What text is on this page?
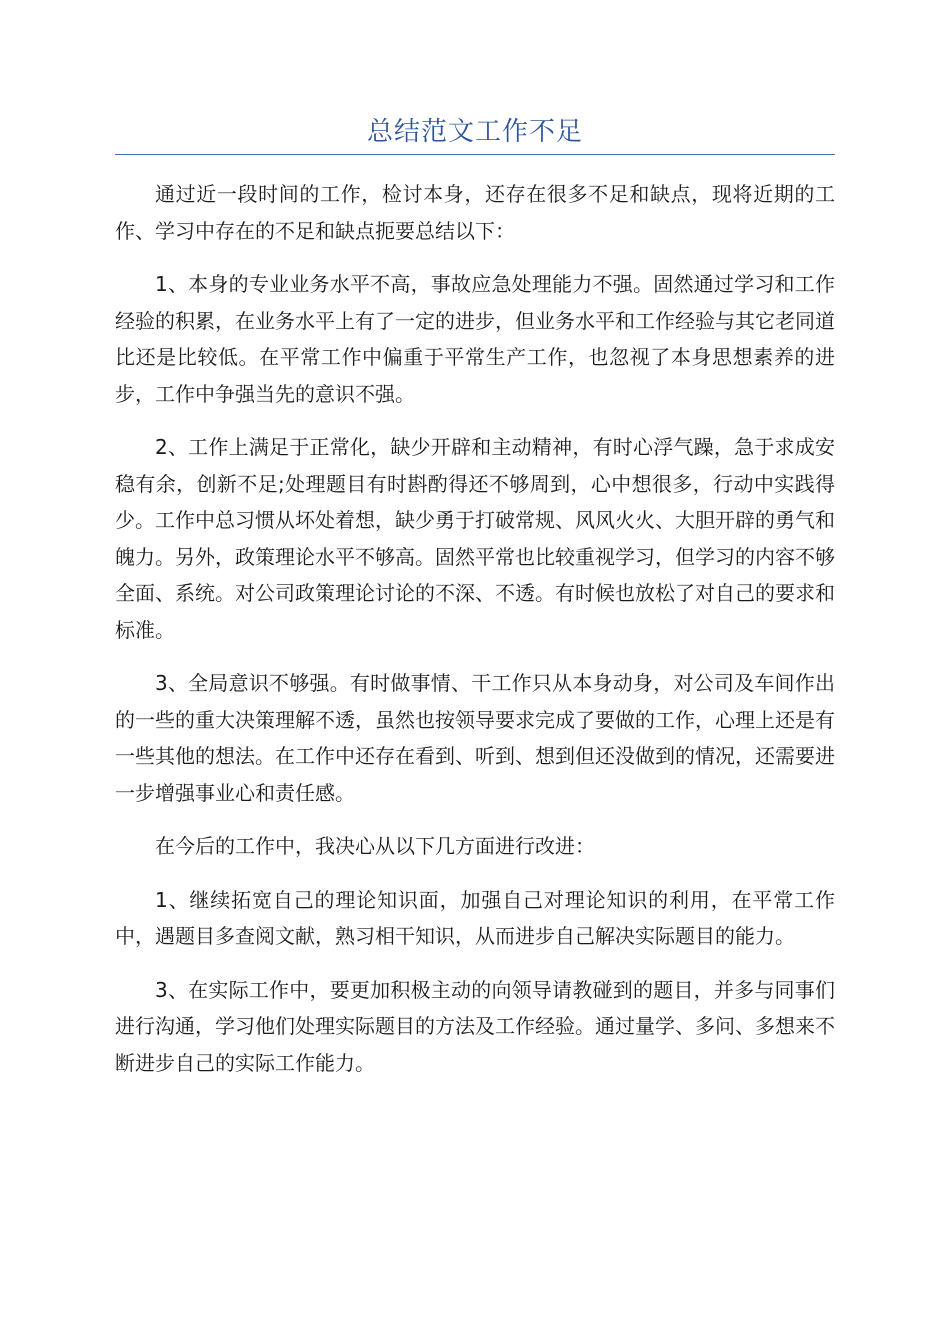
总结范文工作不足

通过近一段时间的工作，检讨本身，还存在很多不足和缺点，现将近期的工作、学习中存在的不足和缺点扼要总结以下：

1、本身的专业业务水平不高，事故应急处理能力不强。固然通过学习和工作经验的积累，在业务水平上有了一定的进步，但业务水平和工作经验与其它老同道比还是比较低。在平常工作中偏重于平常生产工作，也忽视了本身思想素养的进步，工作中争强当先的意识不强。

2、工作上满足于正常化，缺少开辟和主动精神，有时心浮气躁，急于求成安稳有余，创新不足;处理题目有时斟酌得还不够周到，心中想很多，行动中实践得少。工作中总习惯从坏处着想，缺少勇于打破常规、风风火火、大胆开辟的勇气和魄力。另外，政策理论水平不够高。固然平常也比较重视学习，但学习的内容不够全面、系统。对公司政策理论讨论的不深、不透。有时候也放松了对自己的要求和标准。

3、全局意识不够强。有时做事情、干工作只从本身动身，对公司及车间作出的一些的重大决策理解不透，虽然也按领导要求完成了要做的工作，心理上还是有一些其他的想法。在工作中还存在看到、听到、想到但还没做到的情况，还需要进一步增强事业心和责任感。

在今后的工作中，我决心从以下几方面进行改进：

1、继续拓宽自己的理论知识面，加强自己对理论知识的利用，在平常工作中，遇题目多查阅文献，熟习相干知识，从而进步自己解决实际题目的能力。

3、在实际工作中，要更加积极主动的向领导请教碰到的题目，并多与同事们进行沟通，学习他们处理实际题目的方法及工作经验。通过量学、多问、多想来不断进步自己的实际工作能力。
